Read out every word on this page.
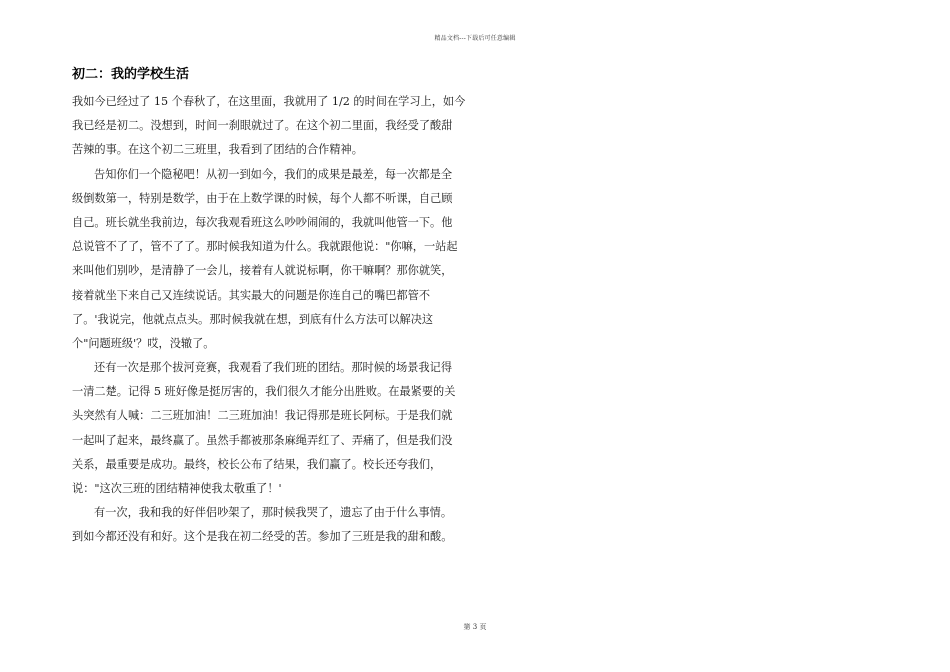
精品文档---下载后可任意编辑
初二：我的学校生活
我如今已经过了 15 个春秋了，在这里面，我就用了 1/2 的时间在学习上，如今
我已经是初二。没想到，时间一刹眼就过了。在这个初二里面，我经受了酸甜
苦辣的事。在这个初二三班里，我看到了团结的合作精神。
告知你们一个隐秘吧！从初一到如今，我们的成果是最差，每一次都是全
级倒数第一，特别是数学，由于在上数学课的时候，每个人都不听课，自己顾
自己。班长就坐我前边，每次我观看班这么吵吵闹闹的，我就叫他管一下。他
总说管不了了，管不了了。那时候我知道为什么。我就跟他说："你嘛，一站起
来叫他们别吵，是清静了一会儿，接着有人就说标啊，你干嘛啊？那你就笑，
接着就坐下来自己又连续说话。其实最大的问题是你连自己的嘴巴都管不
了。'我说完，他就点点头。那时候我就在想，到底有什么方法可以解决这
个"问题班级'？哎，没辙了。
还有一次是那个拔河竞赛，我观看了我们班的团结。那时候的场景我记得
一清二楚。记得 5 班好像是挺厉害的，我们很久才能分出胜败。在最紧要的关
头突然有人喊：二三班加油！二三班加油！我记得那是班长阿标。于是我们就
一起叫了起来，最终赢了。虽然手都被那条麻绳弄红了、弄痛了，但是我们没
关系，最重要是成功。最终，校长公布了结果，我们赢了。校长还夸我们，
说："这次三班的团结精神使我太敬重了！'
有一次，我和我的好伴侣吵架了，那时候我哭了，遗忘了由于什么事情。
到如今都还没有和好。这个是我在初二经受的苦。参加了三班是我的甜和酸。
第 3 页
